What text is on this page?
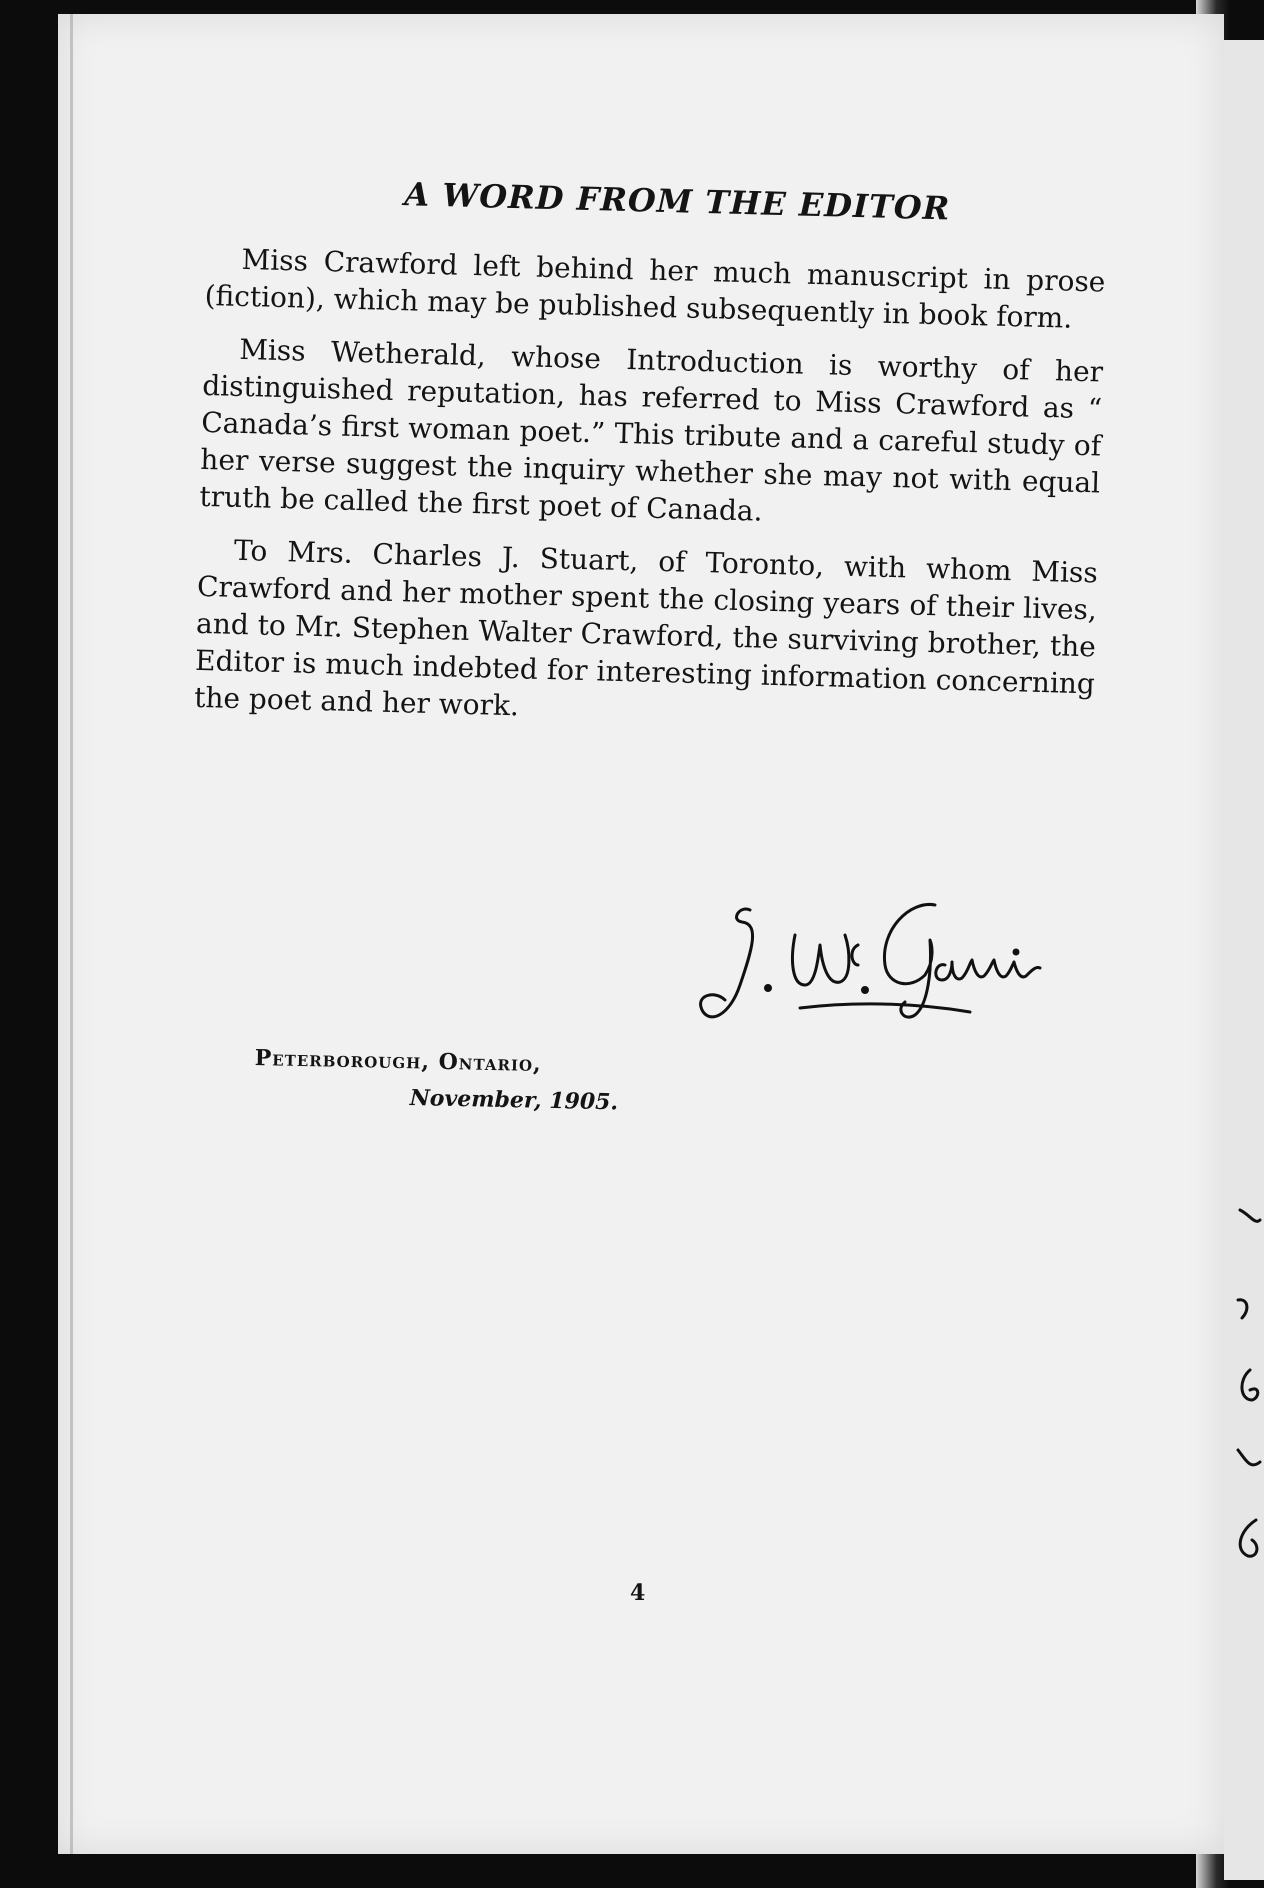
A WORD FROM THE EDITOR

Miss Crawford left behind her much manuscript in prose (fiction), which may be published subsequently in book form.

Miss Wetherald, whose Introduction is worthy of her distinguished reputation, has referred to Miss Crawford as “ Canada’s first woman poet.” This tribute and a careful study of her verse suggest the inquiry whether she may not with equal truth be called the first poet of Canada.

To Mrs. Charles J. Stuart, of Toronto, with whom Miss Crawford and her mother spent the closing years of their lives, and to Mr. Stephen Walter Crawford, the surviving brother, the Editor is much indebted for interesting information concerning the poet and her work.

Peterborough, Ontario,
November, 1905.
4
